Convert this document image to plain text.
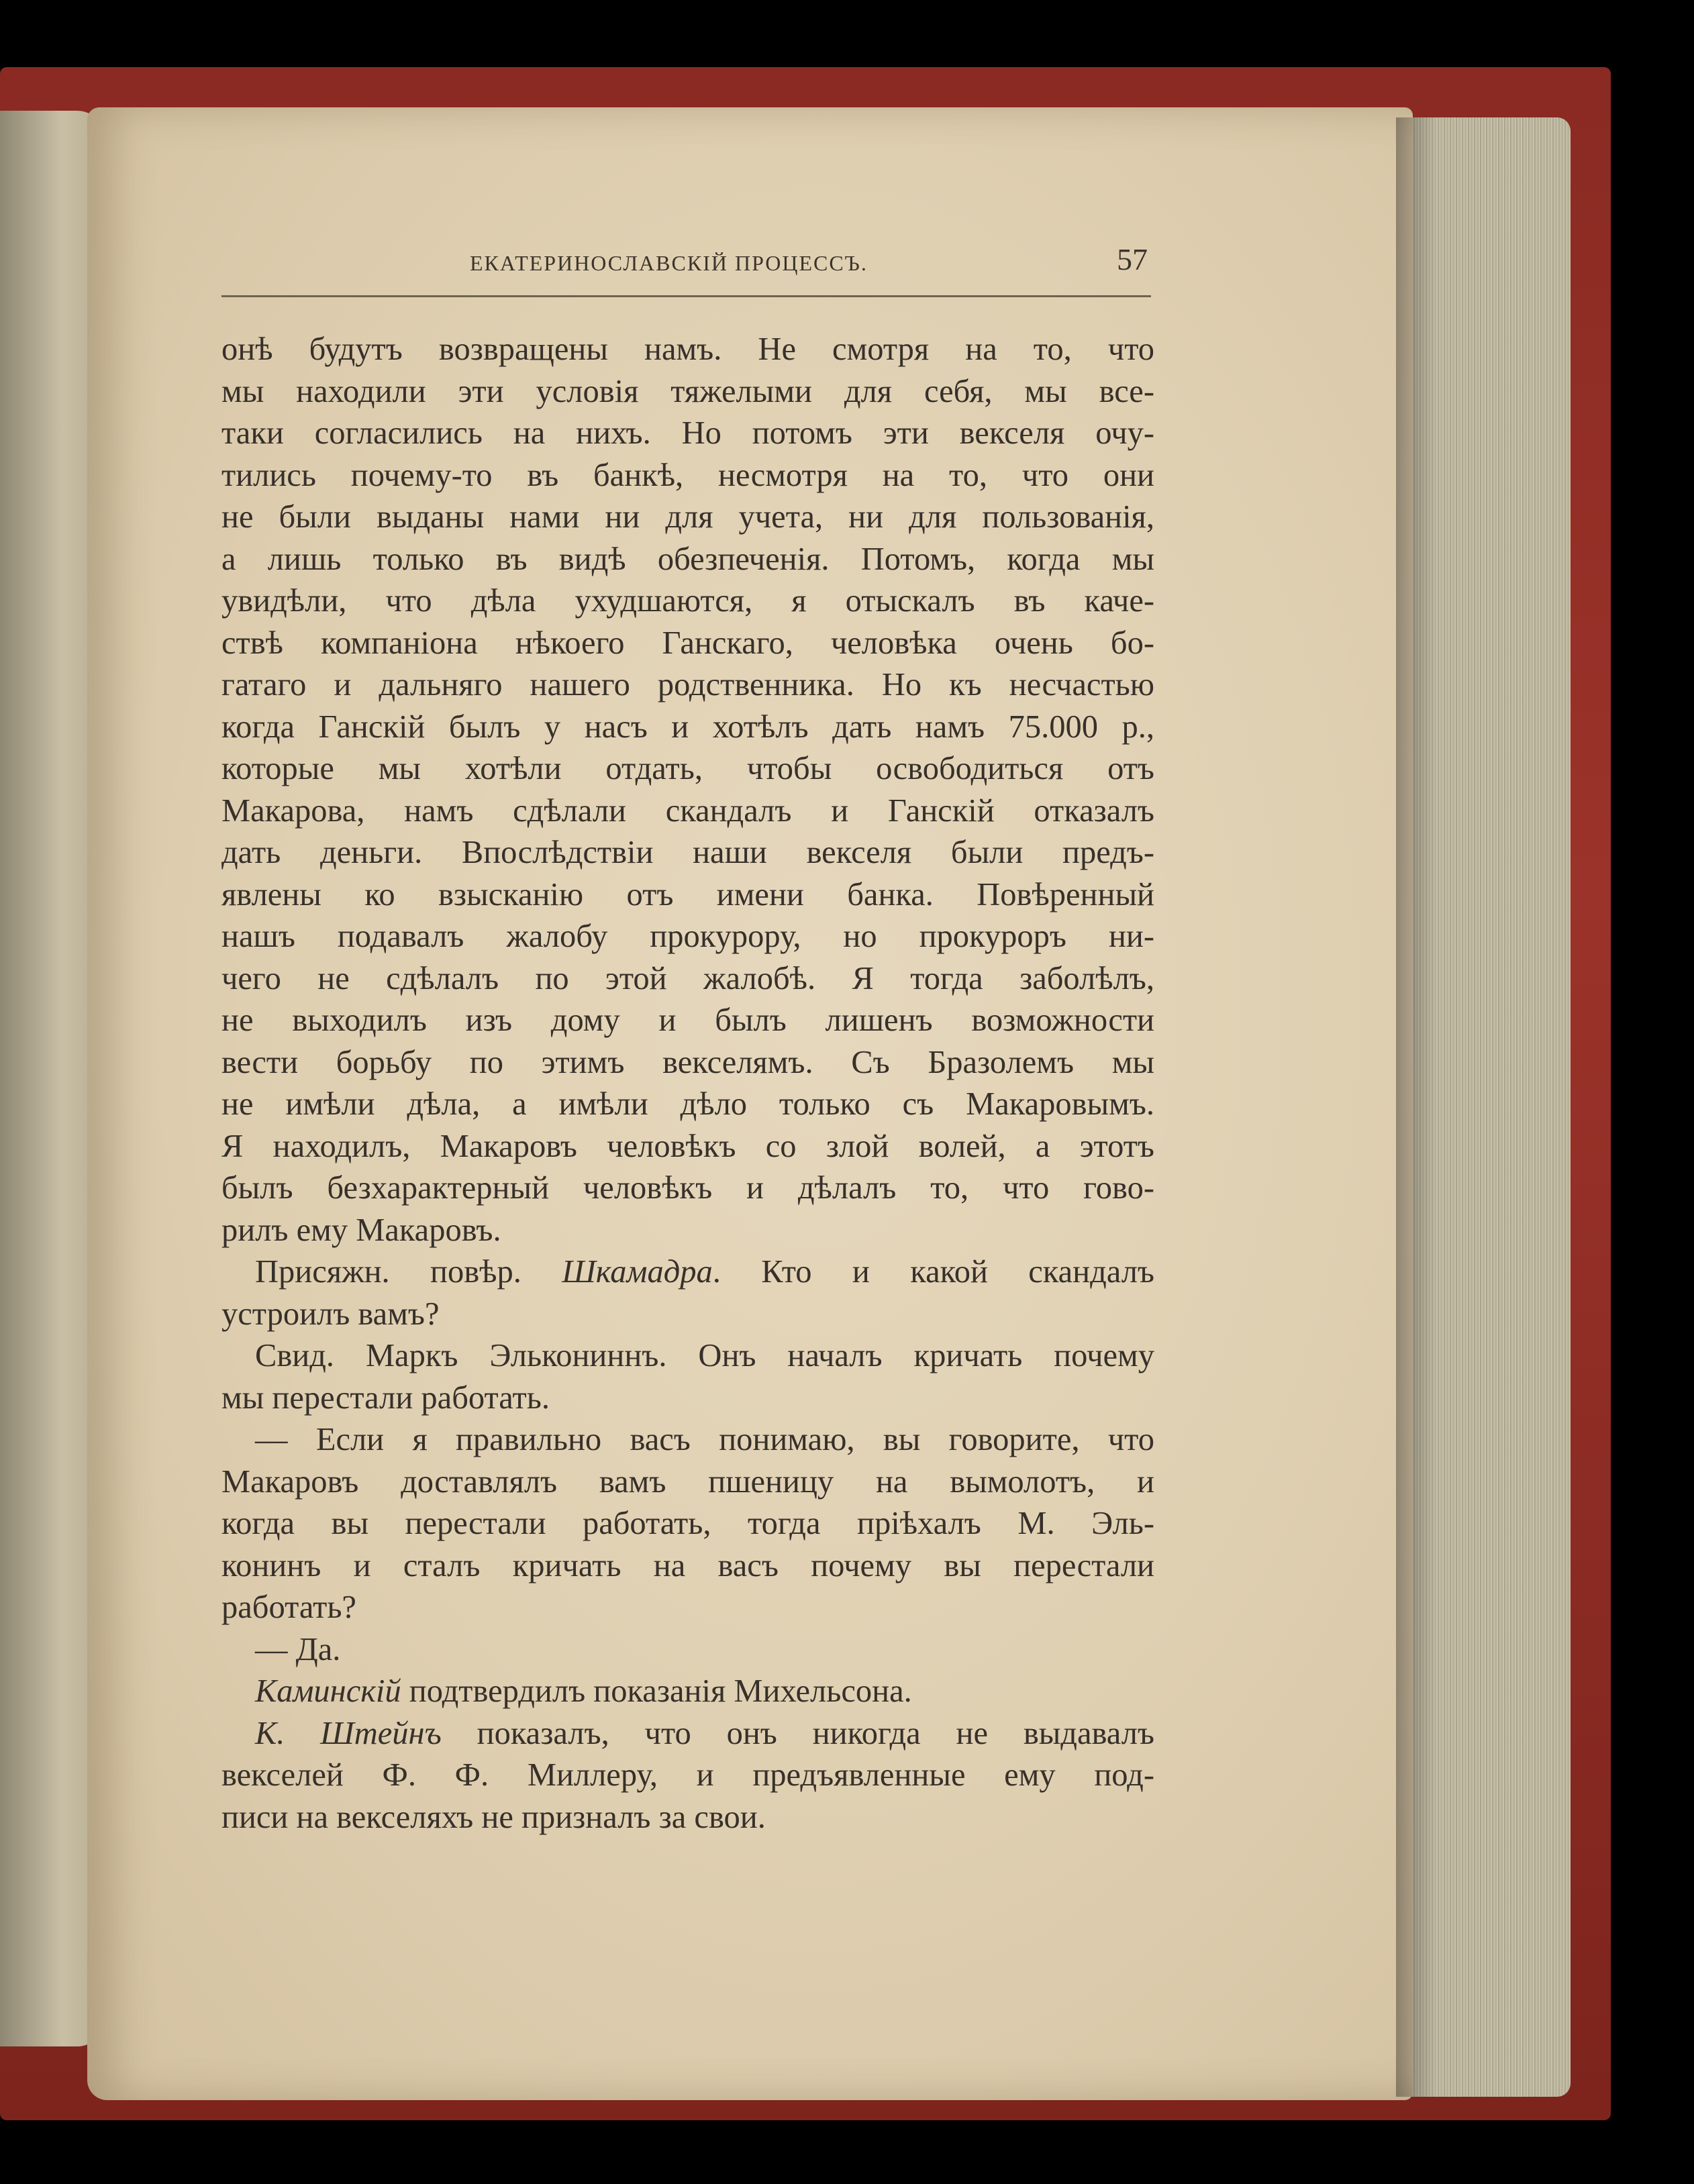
ЕКАТЕРИНОСЛАВСКІЙ ПРОЦЕССЪ.	57
онѣ будутъ возвращены намъ. Не смотря на то, что
мы находили эти условія тяжелыми для себя, мы все-
таки согласились на нихъ. Но потомъ эти векселя очу-
тились почему-то въ банкѣ, несмотря на то, что они
не были выданы нами ни для учета, ни для пользованія,
а лишь только въ видѣ обезпеченія. Потомъ, когда мы
увидѣли, что дѣла ухудшаются, я отыскалъ въ каче-
ствѣ компаніона нѣкоего Ганскаго, человѣка очень бо-
гатаго и дальняго нашего родственника. Но къ несчастью
когда Ганскій былъ у насъ и хотѣлъ дать намъ 75.000 р.,
которые мы хотѣли отдать, чтобы освободиться отъ
Макарова, намъ сдѣлали скандалъ и Ганскій отказалъ
дать деньги. Впослѣдствіи наши векселя были предъ-
явлены ко взысканію отъ имени банка. Повѣренный
нашъ подавалъ жалобу прокурору, но прокуроръ ни-
чего не сдѣлалъ по этой жалобѣ. Я тогда заболѣлъ,
не выходилъ изъ дому и былъ лишенъ возможности
вести борьбу по этимъ векселямъ. Съ Бразолемъ мы
не имѣли дѣла, а имѣли дѣло только съ Макаровымъ.
Я находилъ, Макаровъ человѣкъ со злой волей, а этотъ
былъ безхарактерный человѣкъ и дѣлалъ то, что гово-
рилъ ему Макаровъ.
Присяжн. повѣр. Шкамадра. Кто и какой скандалъ
устроилъ вамъ?
Свид. Маркъ Элькониннъ. Онъ началъ кричать почему
мы перестали работать.
— Если я правильно васъ понимаю, вы говорите, что
Макаровъ доставлялъ вамъ пшеницу на вымолотъ, и
когда вы перестали работать, тогда пріѣхалъ М. Эль-
конинъ и сталъ кричать на васъ почему вы перестали
работать?
— Да.
Каминскій подтвердилъ показанія Михельсона.
К. Штейнъ показалъ, что онъ никогда не выдавалъ
векселей Ф. Ф. Миллеру, и предъявленные ему под-
писи на векселяхъ не призналъ за свои.
